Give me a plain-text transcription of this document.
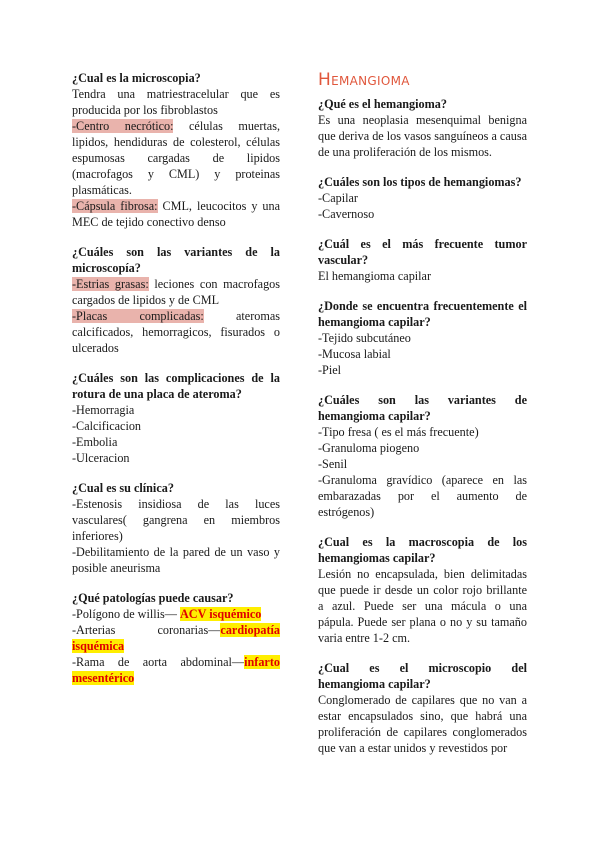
¿Cual es la microscopia?

Tendra una matriestracelular que es producida por los fibroblastos

-Centro necrótico: células muertas, lipidos, hendiduras de colesterol, células espumosas cargadas de lipidos (macrofagos y CML) y proteinas plasmáticas.

-Cápsula fibrosa: CML, leucocitos y una MEC de tejido conectivo denso

¿Cuáles son las variantes de la microscopía?

-Estrias grasas: leciones con macrofagos cargados de lipidos y de CML

-Placas complicadas: ateromas calcificados, hemorragicos, fisurados o ulcerados

¿Cuáles son las complicaciones de la rotura de una placa de ateroma?

-Hemorragia

-Calcificacion

-Embolia

-Ulceracion

¿Cual es su clínica?

-Estenosis insidiosa de las luces vasculares( gangrena en miembros inferiores)

-Debilitamiento de la pared de un vaso y posible aneurisma

¿Qué patologías puede causar?

-Polígono de willis— ACV isquémico

-Arterias coronarias—cardiopatía isquémica

-Rama de aorta abdominal—infarto mesentérico

Hemangioma
¿Qué es el hemangioma?

Es una neoplasia mesenquimal benigna que deriva de los vasos sanguíneos a causa de una proliferación de los mismos.

¿Cuáles son los tipos de hemangiomas?

-Capilar

-Cavernoso

¿Cuál es el más frecuente tumor vascular?

El hemangioma capilar

¿Donde se encuentra frecuentemente el hemangioma capilar?

-Tejido subcutáneo

-Mucosa labial

-Piel

¿Cuáles son las variantes de hemangioma capilar?

-Tipo fresa ( es el más frecuente)

-Granuloma piogeno

-Senil

-Granuloma gravídico (aparece en las embarazadas por el aumento de estrógenos)

¿Cual es la macroscopia de los hemangiomas capilar?

Lesión no encapsulada, bien delimitadas que puede ir desde un color rojo brillante a azul. Puede ser una mácula o una pápula. Puede ser plana o no y su tamaño varia entre 1-2 cm.

¿Cual es el microscopio del hemangioma capilar?

Conglomerado de capilares que no van a estar encapsulados sino, que habrá una proliferación de capilares conglomerados que van a estar unidos y revestidos por
